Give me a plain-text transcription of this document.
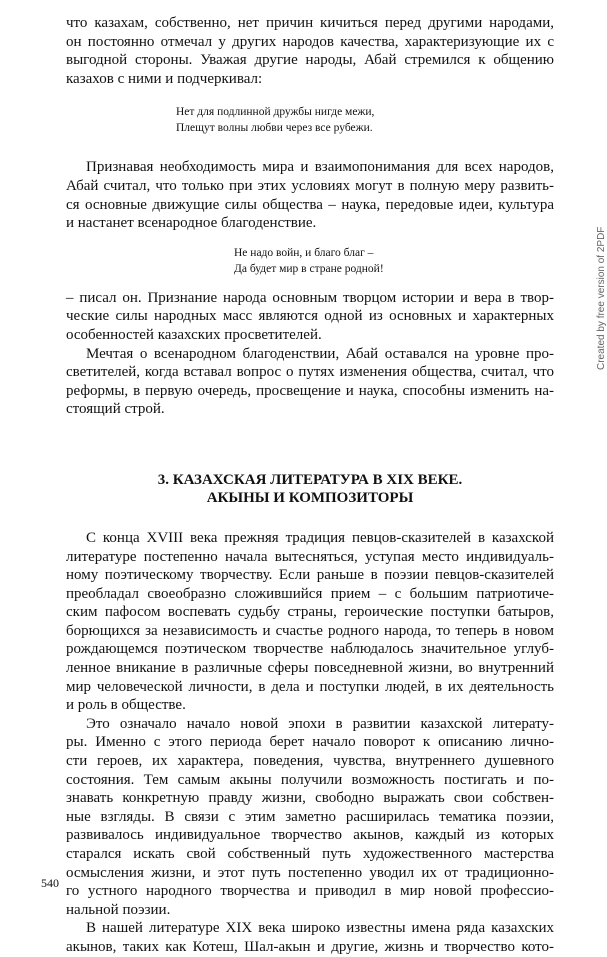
что казахам, собственно, нет причин кичиться перед другими народами,
он постоянно отмечал у других народов качества, характеризующие их с
выгодной стороны. Уважая другие народы, Абай стремился к общению
казахов с ними и подчеркивал:
Нет для подлинной дружбы нигде межи,
Плещут волны любви через все рубежи.
Признавая необходимость мира и взаимопонимания для всех народов,
Абай считал, что только при этих условиях могут в полную меру развить-
ся основные движущие силы общества – наука, передовые идеи, культура
и настанет всенародное благоденствие.
Не надо войн, и благо благ –
Да будет мир в стране родной!
– писал он. Признание народа основным творцом истории и вера в твор-
ческие силы народных масс являются одной из основных и характерных
особенностей казахских просветителей.
Мечтая о всенародном благоденствии, Абай оставался на уровне про-
светителей, когда вставал вопрос о путях изменения общества, считал, что
реформы, в первую очередь, просвещение и наука, способны изменить на-
стоящий строй.
3. КАЗАХСКАЯ ЛИТЕРАТУРА В XIX ВЕКЕ.
АКЫНЫ И КОМПОЗИТОРЫ
С конца XVIII века прежняя традиция певцов-сказителей в казахской
литературе постепенно начала вытесняться, уступая место индивидуаль-
ному поэтическому творчеству. Если раньше в поэзии певцов-сказителей
преобладал своеобразно сложившийся прием – с большим патриотиче-
ским пафосом воспевать судьбу страны, героические поступки батыров,
борющихся за независимость и счастье родного народа, то теперь в новом
рождающемся поэтическом творчестве наблюдалось значительное углуб-
ленное вникание в различные сферы повседневной жизни, во внутренний
мир человеческой личности, в дела и поступки людей, в их деятельность
и роль в обществе.
Это означало начало новой эпохи в развитии казахской литерату-
ры. Именно с этого периода берет начало поворот к описанию лично-
сти героев, их характера, поведения, чувства, внутреннего душевного
состояния. Тем самым акыны получили возможность постигать и по-
знавать конкретную правду жизни, свободно выражать свои собствен-
ные взгляды. В связи с этим заметно расширилась тематика поэзии,
развивалось индивидуальное творчество акынов, каждый из которых
старался искать свой собственный путь художественного мастерства
осмысления жизни, и этот путь постепенно уводил их от традиционно-
го устного народного творчества и приводил в мир новой профессио-
нальной поэзии.
В нашей литературе XIX века широко известны имена ряда казахских
акынов, таких как Котеш, Шал-акын и другие, жизнь и творчество кото-
540
Created by free version of 2PDF
